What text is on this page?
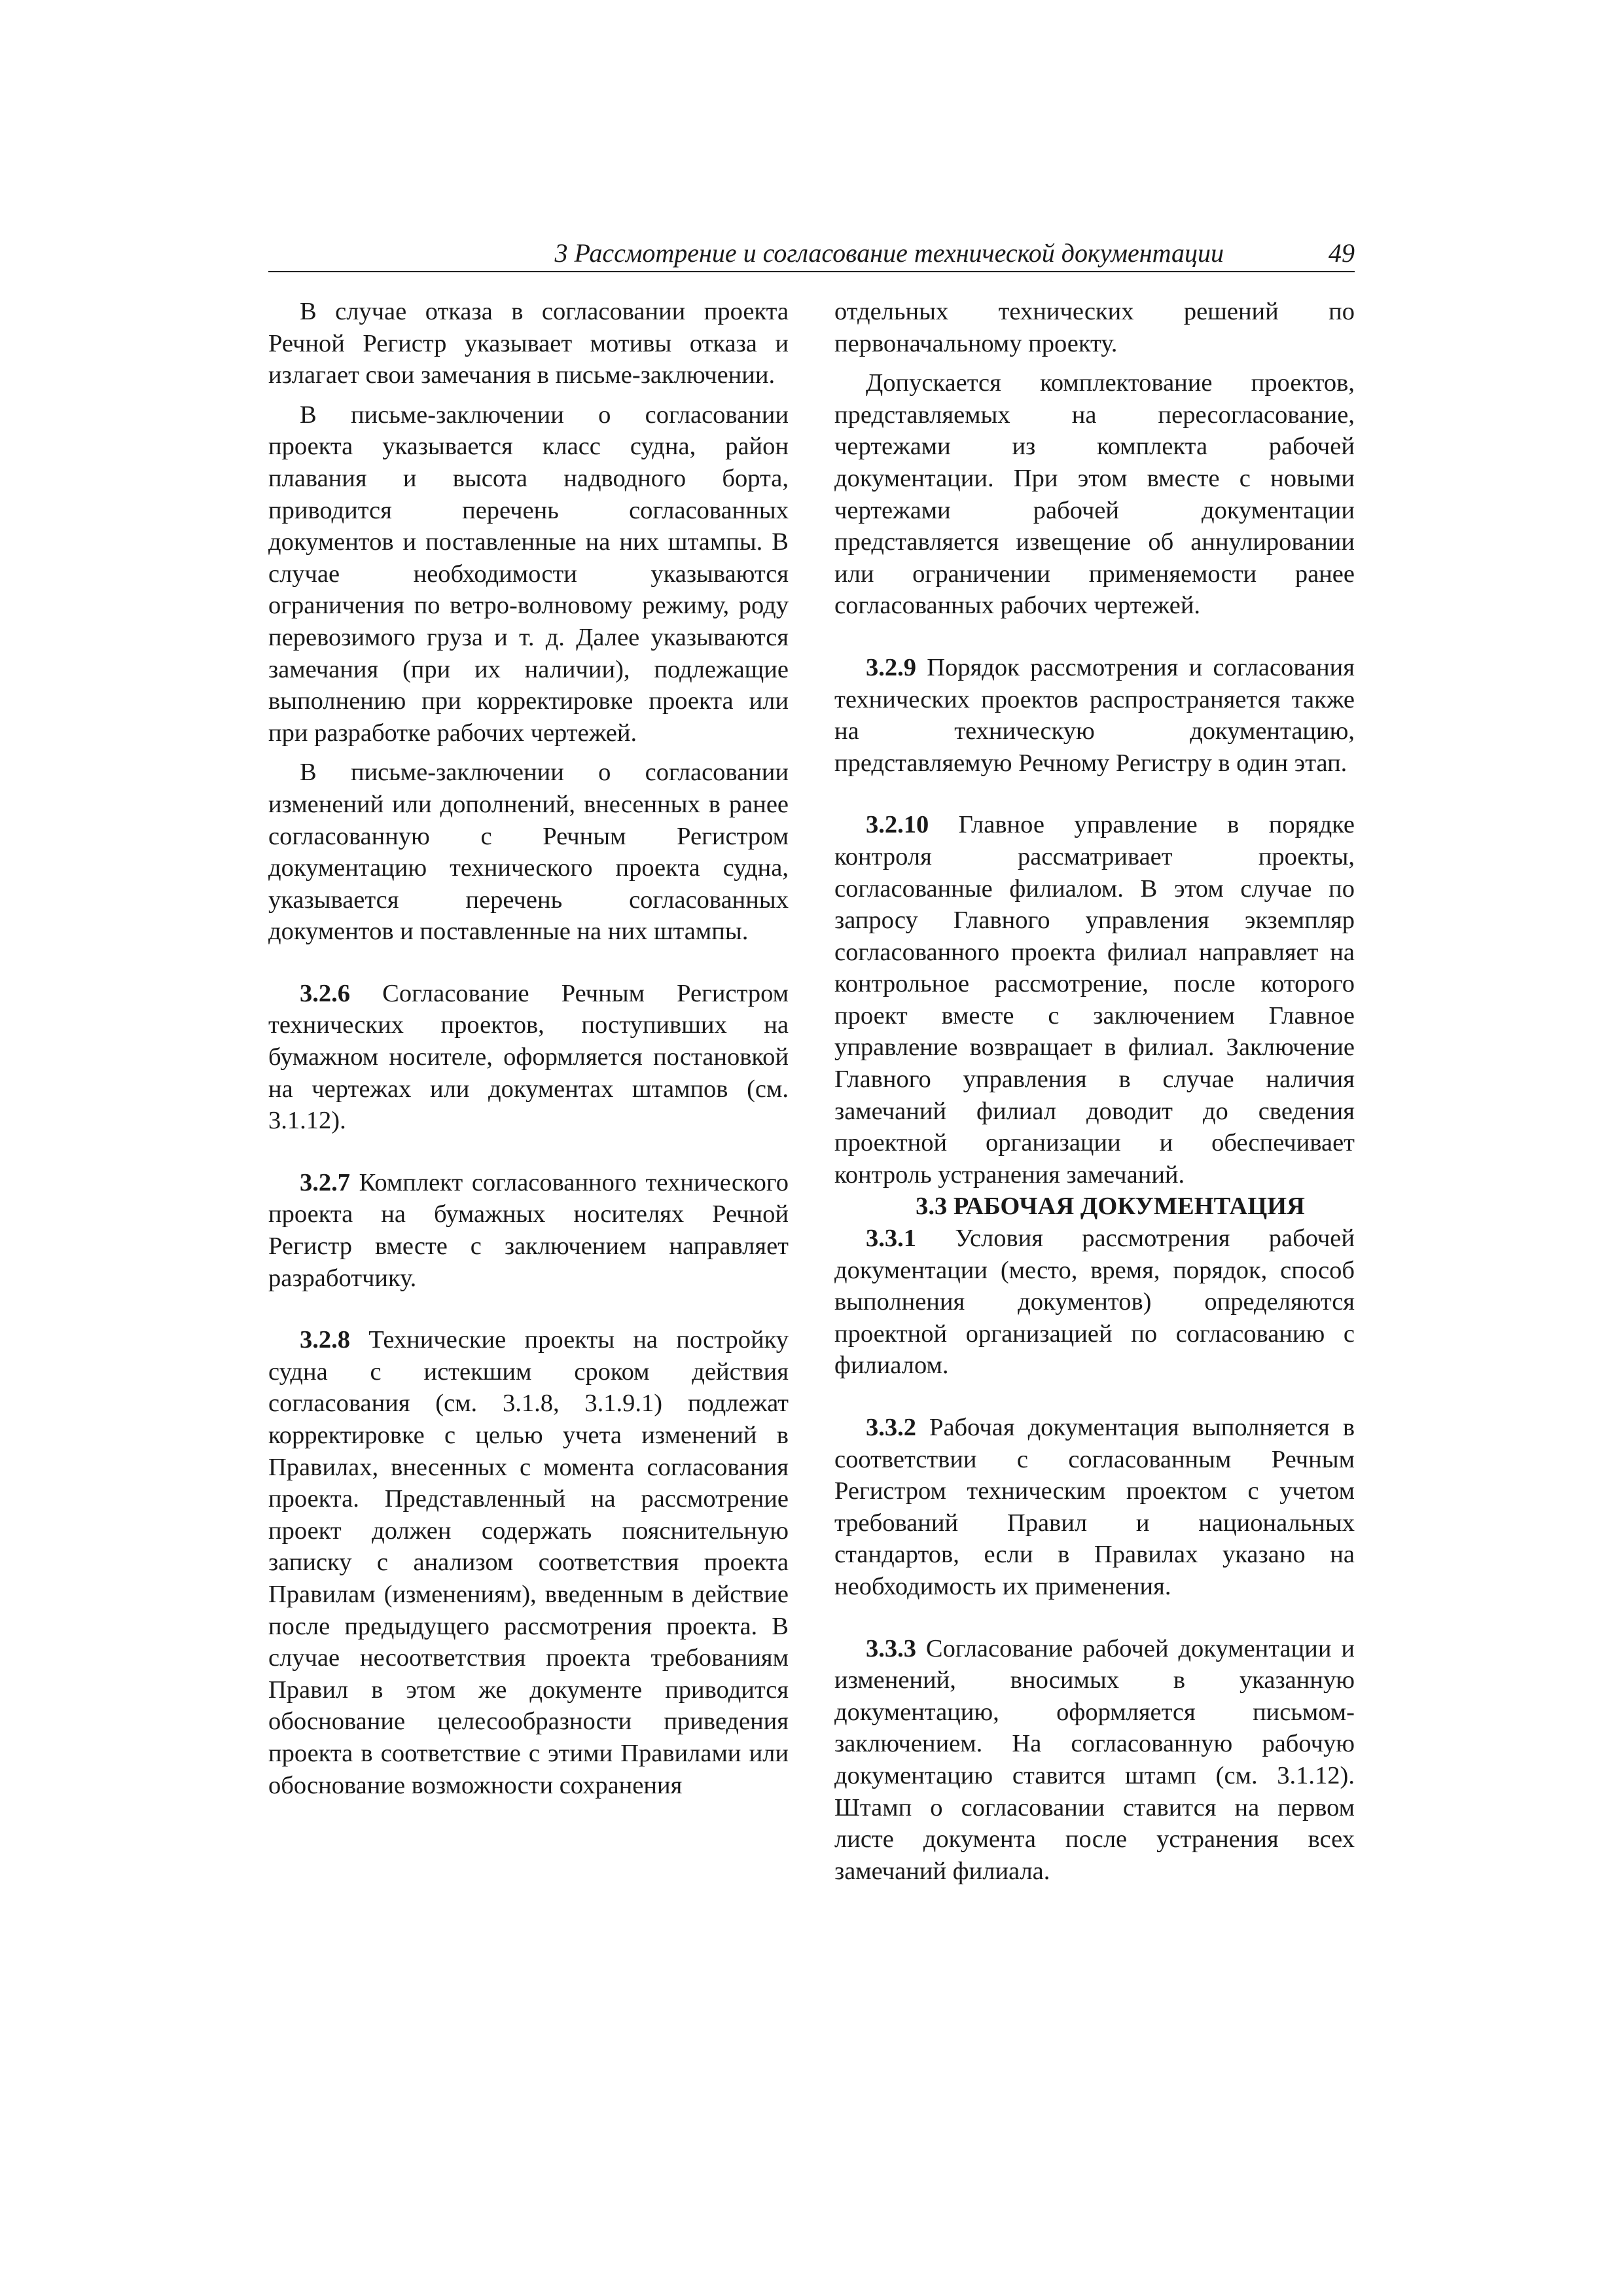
3 Рассмотрение и согласование технической документации	49

В случае отказа в согласовании проекта Речной Регистр указывает мотивы отказа и излагает свои замечания в письме-заключении.

В письме-заключении о согласовании проекта указывается класс судна, район плавания и высота надводного борта, приводится перечень согласованных документов и поставленные на них штампы. В случае необходимости указываются ограничения по ветро-волновому режиму, роду перевозимого груза и т. д. Далее указываются замечания (при их наличии), подлежащие выполнению при корректировке проекта или при разработке рабочих чертежей.

В письме-заключении о согласовании изменений или дополнений, внесенных в ранее согласованную с Речным Регистром документацию технического проекта судна, указывается перечень согласованных документов и поставленные на них штампы.

3.2.6 Согласование Речным Регистром технических проектов, поступивших на бумажном носителе, оформляется постановкой на чертежах или документах штампов (см. 3.1.12).

3.2.7 Комплект согласованного технического проекта на бумажных носителях Речной Регистр вместе с заключением направляет разработчику.

3.2.8 Технические проекты на постройку судна с истекшим сроком действия согласования (см. 3.1.8, 3.1.9.1) подлежат корректировке с целью учета изменений в Правилах, внесенных с момента согласования проекта. Представленный на рассмотрение проект должен содержать пояснительную записку с анализом соответствия проекта Правилам (изменениям), введенным в действие после предыдущего рассмотрения проекта. В случае несоответствия проекта требованиям Правил в этом же документе приводится обоснование целесообразности приведения проекта в соответствие с этими Правилами или обоснование возможности сохранения

отдельных технических решений по первоначальному проекту.

Допускается комплектование проектов, представляемых на пересогласование, чертежами из комплекта рабочей документации. При этом вместе с новыми чертежами рабочей документации представляется извещение об аннулировании или ограничении применяемости ранее согласованных рабочих чертежей.

3.2.9 Порядок рассмотрения и согласования технических проектов распространяется также на техническую документацию, представляемую Речному Регистру в один этап.

3.2.10 Главное управление в порядке контроля рассматривает проекты, согласованные филиалом. В этом случае по запросу Главного управления экземпляр согласованного проекта филиал направляет на контрольное рассмотрение, после которого проект вместе с заключением Главное управление возвращает в филиал. Заключение Главного управления в случае наличия замечаний филиал доводит до сведения проектной организации и обеспечивает контроль устранения замечаний.

3.3 РАБОЧАЯ ДОКУМЕНТАЦИЯ

3.3.1 Условия рассмотрения рабочей документации (место, время, порядок, способ выполнения документов) определяются проектной организацией по согласованию с филиалом.

3.3.2 Рабочая документация выполняется в соответствии с согласованным Речным Регистром техническим проектом с учетом требований Правил и национальных стандартов, если в Правилах указано на необходимость их применения.

3.3.3 Согласование рабочей документации и изменений, вносимых в указанную документацию, оформляется письмом-заключением. На согласованную рабочую документацию ставится штамп (см. 3.1.12). Штамп о согласовании ставится на первом листе документа после устранения всех замечаний филиала.
